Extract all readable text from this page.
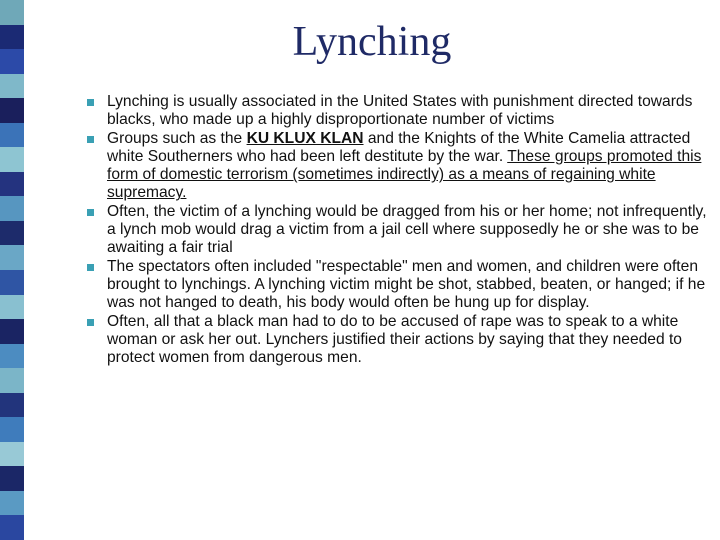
Lynching
Lynching is usually associated in the United States with punishment directed towards blacks, who made up a highly disproportionate number of victims
Groups such as the KU KLUX KLAN and the Knights of the White Camelia attracted white Southerners who had been left destitute by the war. These groups promoted this form of domestic terrorism (sometimes indirectly) as a means of regaining white supremacy.
Often, the victim of a lynching would be dragged from his or her home; not infrequently, a lynch mob would drag a victim from a jail cell where supposedly he or she was to be awaiting a fair trial
The spectators often included "respectable" men and women, and children were often brought to lynchings. A lynching victim might be shot, stabbed, beaten, or hanged; if he was not hanged to death, his body would often be hung up for display.
Often, all that a black man had to do to be accused of rape was to speak to a white woman or ask her out. Lynchers justified their actions by saying that they needed to protect women from dangerous men.
